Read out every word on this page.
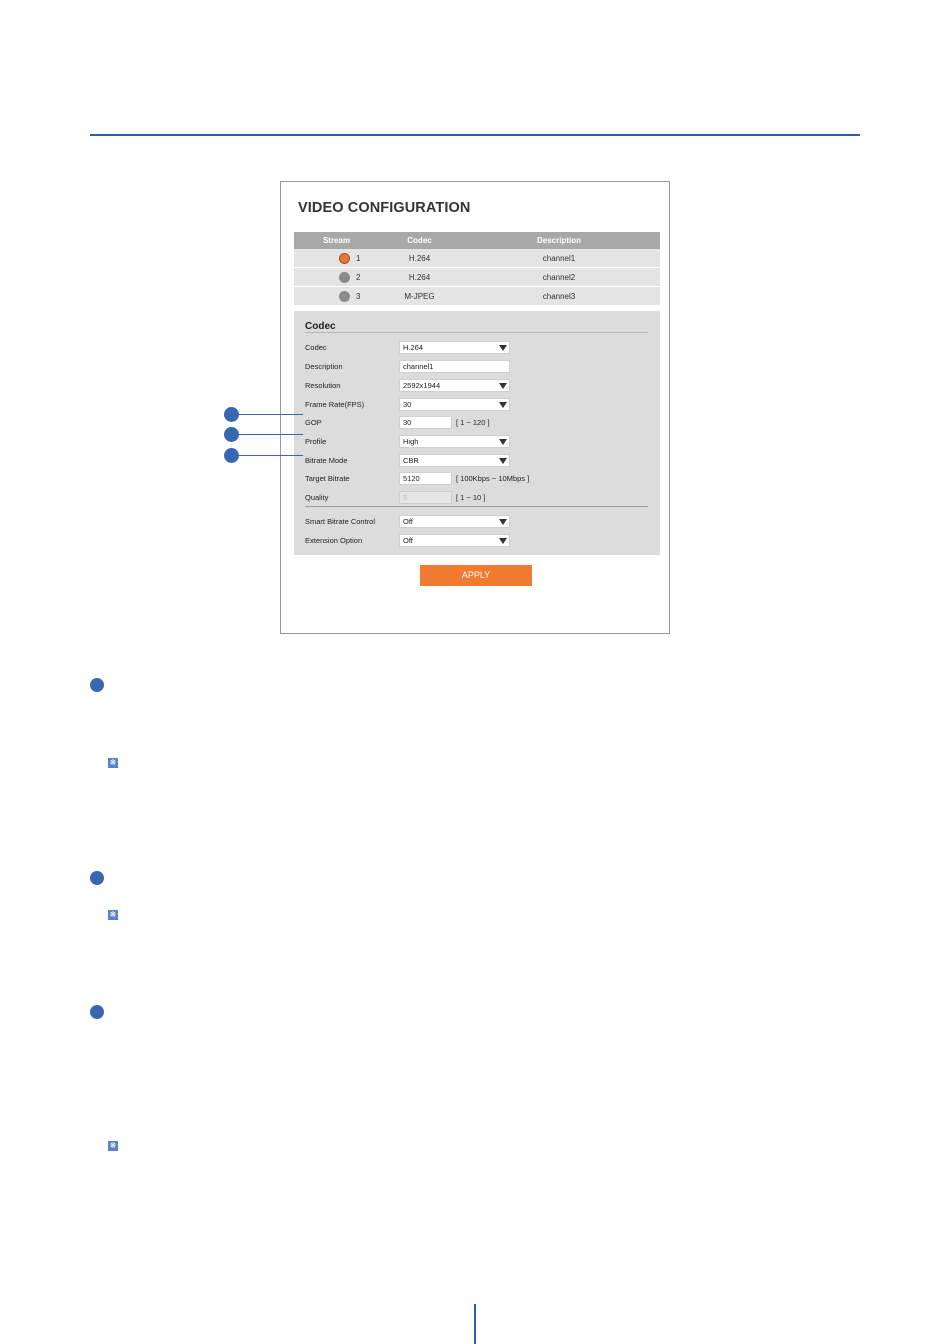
VIDEO CONFIGURATION
Stream	Codec	Description
1	H.264	channel1
2	H.264	channel2
3	M-JPEG	channel3
Codec
Codec	H.264
Description	channel1
Resolution	2592x1944
Frame Rate(FPS)	30
GOP	30	[ 1 ~ 120 ]
Profile	High
Bitrate Mode	CBR
Target Bitrate	5120	[ 100Kbps ~ 10Mbps ]
Quality	5	[ 1 ~ 10 ]
Smart Bitrate Control	Off
Extension Option	Off
APPLY
❋
❋
❋
